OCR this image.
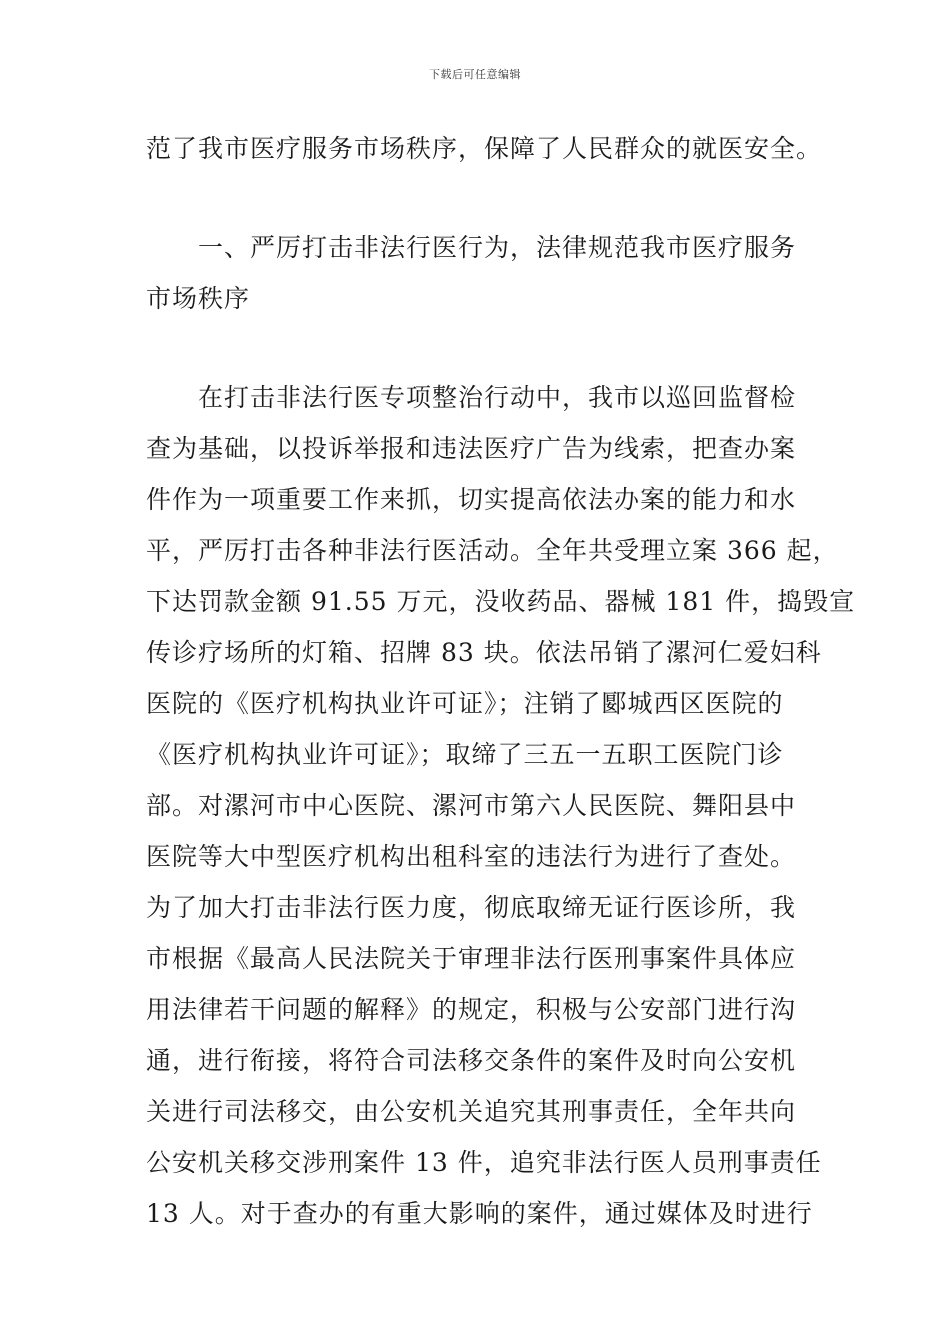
下载后可任意编辑
范了我市医疗服务市场秩序，保障了人民群众的就医安全。
一、严厉打击非法行医行为，法律规范我市医疗服务
市场秩序
在打击非法行医专项整治行动中，我市以巡回监督检
查为基础，以投诉举报和违法医疗广告为线索，把查办案
件作为一项重要工作来抓，切实提高依法办案的能力和水
平，严厉打击各种非法行医活动。全年共受理立案 366 起，
下达罚款金额 91.55 万元，没收药品、器械 181 件，捣毁宣
传诊疗场所的灯箱、招牌 83 块。依法吊销了漯河仁爱妇科
医院的《医疗机构执业许可证》；注销了郾城西区医院的
《医疗机构执业许可证》；取缔了三五一五职工医院门诊
部。对漯河市中心医院、漯河市第六人民医院、舞阳县中
医院等大中型医疗机构出租科室的违法行为进行了查处。
为了加大打击非法行医力度，彻底取缔无证行医诊所，我
市根据《最高人民法院关于审理非法行医刑事案件具体应
用法律若干问题的解释》的规定，积极与公安部门进行沟
通，进行衔接，将符合司法移交条件的案件及时向公安机
关进行司法移交，由公安机关追究其刑事责任，全年共向
公安机关移交涉刑案件 13 件，追究非法行医人员刑事责任
13 人。对于查办的有重大影响的案件，通过媒体及时进行
